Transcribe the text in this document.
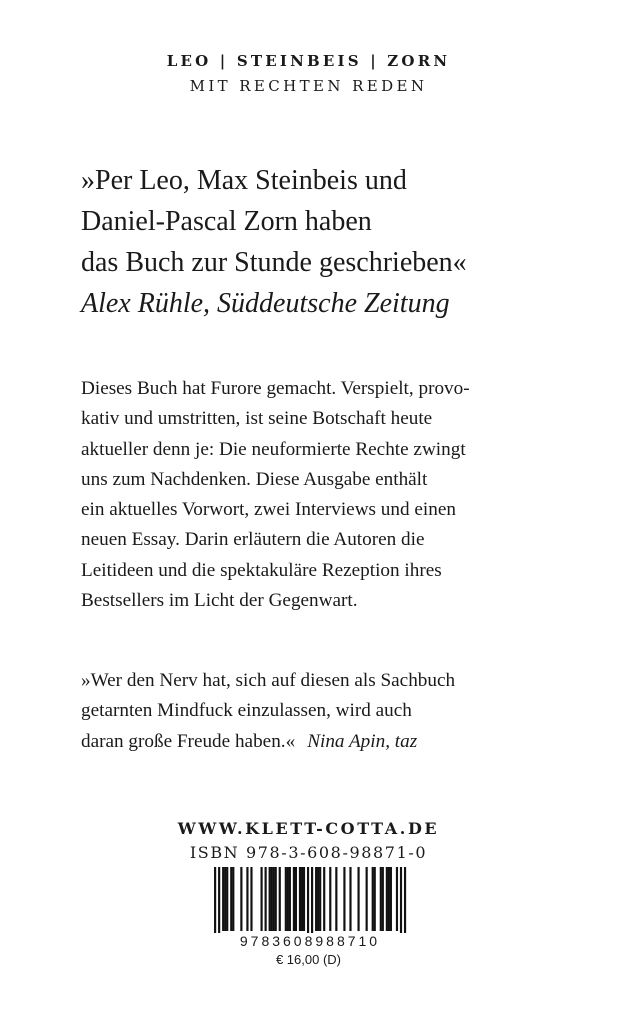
LEO | STEINBEIS | ZORN
MIT RECHTEN REDEN
»Per Leo, Max Steinbeis und
Daniel-Pascal Zorn haben
das Buch zur Stunde geschrieben«
Alex Rühle, Süddeutsche Zeitung
Dieses Buch hat Furore gemacht. Verspielt, provo-
kativ und umstritten, ist seine Botschaft heute
aktueller denn je: Die neuformierte Rechte zwingt
uns zum Nachdenken. Diese Ausgabe enthält
ein aktuelles Vorwort, zwei Interviews und einen
neuen Essay. Darin erläutern die Autoren die
Leitideen und die spektakuläre Rezeption ihres
Bestsellers im Licht der Gegenwart.
»Wer den Nerv hat, sich auf diesen als Sachbuch
getarnten Mindfuck einzulassen, wird auch
daran große Freude haben.« Nina Apin, taz
WWW.KLETT-COTTA.DE
ISBN 978-3-608-98871-0
9783608988710
€ 16,00 (D)
